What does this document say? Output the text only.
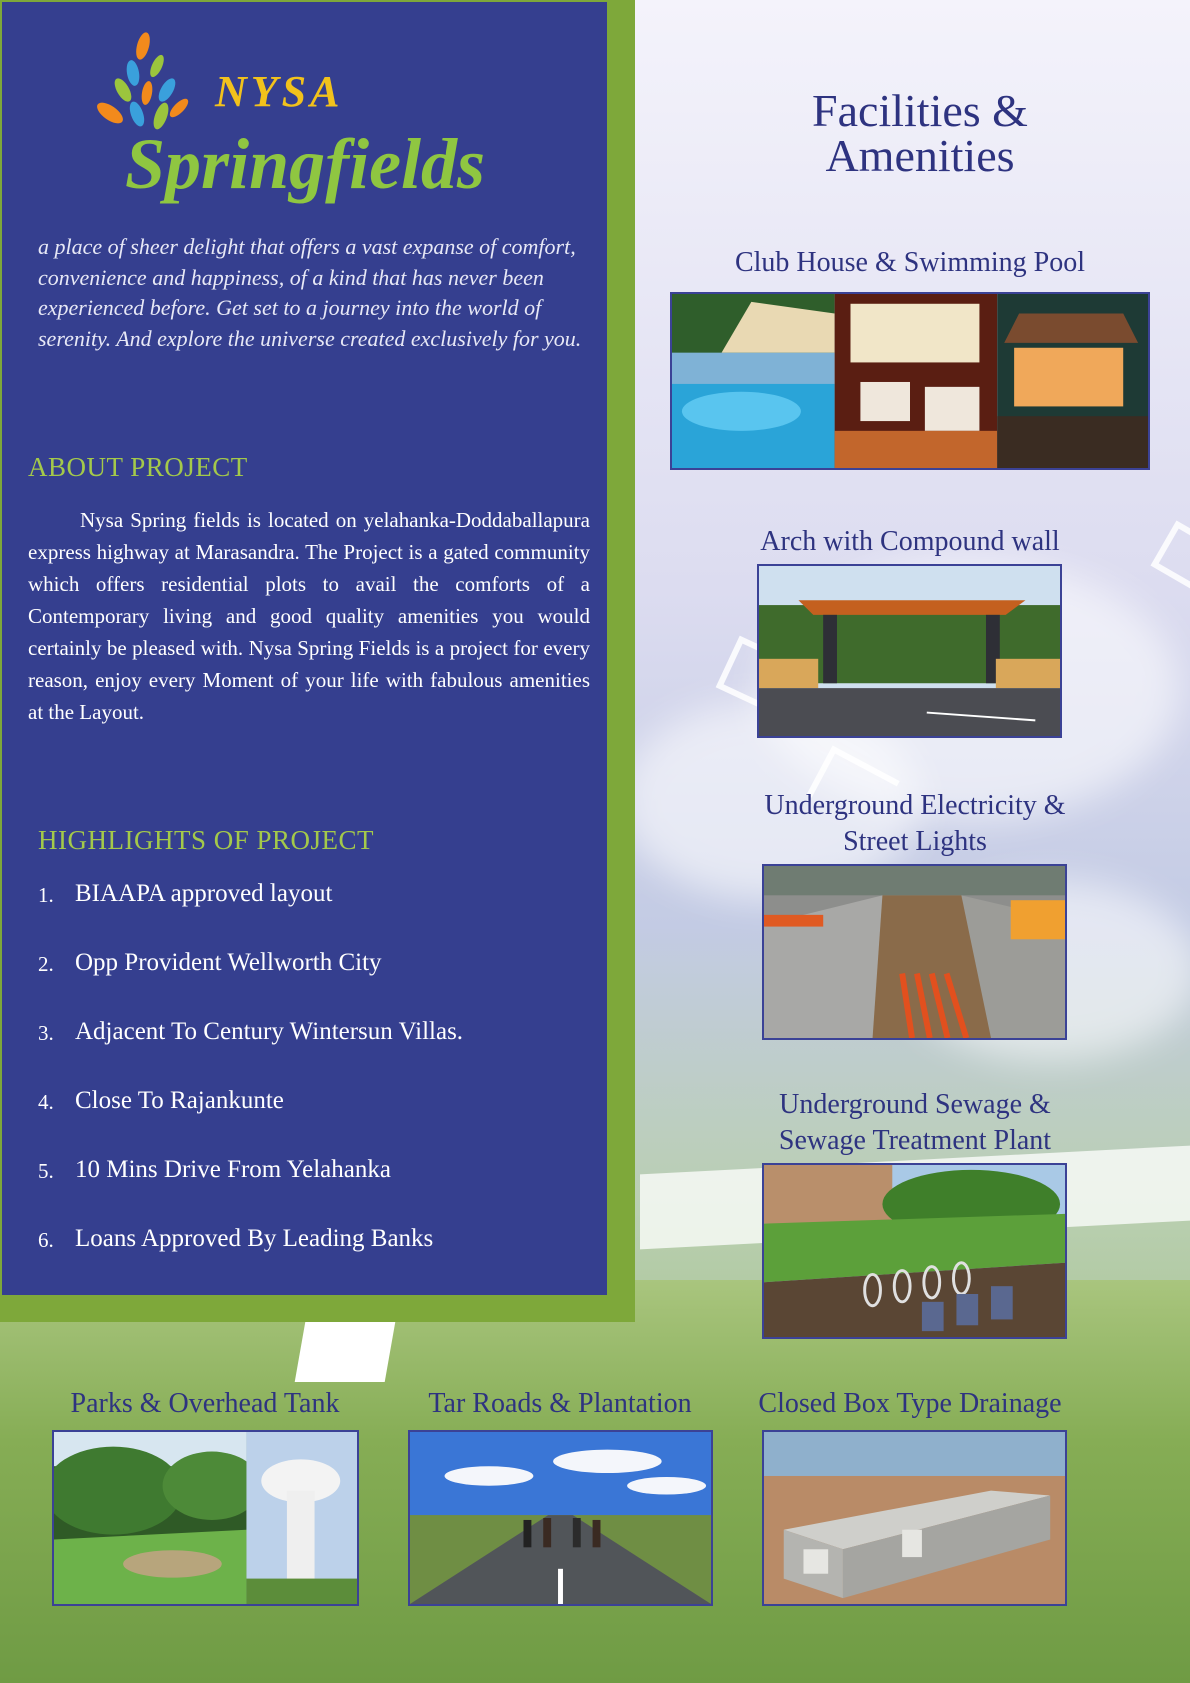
NYSA
Springfields

a place of sheer delight that offers a vast expanse of comfort, convenience and happiness, of a kind that has never been experienced before. Get set to a journey into the world of serenity. And explore the universe created exclusively for you.

ABOUT PROJECT

Nysa Spring fields is located on yelahanka-Doddaballapura express highway at Marasandra. The Project is a gated community which offers residential plots to avail the comforts of a Contemporary living and good quality amenities you would certainly be pleased with. Nysa Spring Fields is a project for every reason, enjoy every Moment of your life with fabulous amenities at the Layout.

HIGHLIGHTS OF PROJECT
1. BIAAPA approved layout
2. Opp Provident Wellworth City
3. Adjacent To Century Wintersun Villas.
4. Close To Rajankunte
5. 10 Mins Drive From Yelahanka
6. Loans Approved By Leading Banks
Facilities &
Amenities

Club House & Swimming Pool

Arch with Compound wall

Underground Electricity &
Street Lights

Underground Sewage &
Sewage Treatment Plant

Parks & Overhead Tank	Tar Roads & Plantation	Closed Box Type Drainage
